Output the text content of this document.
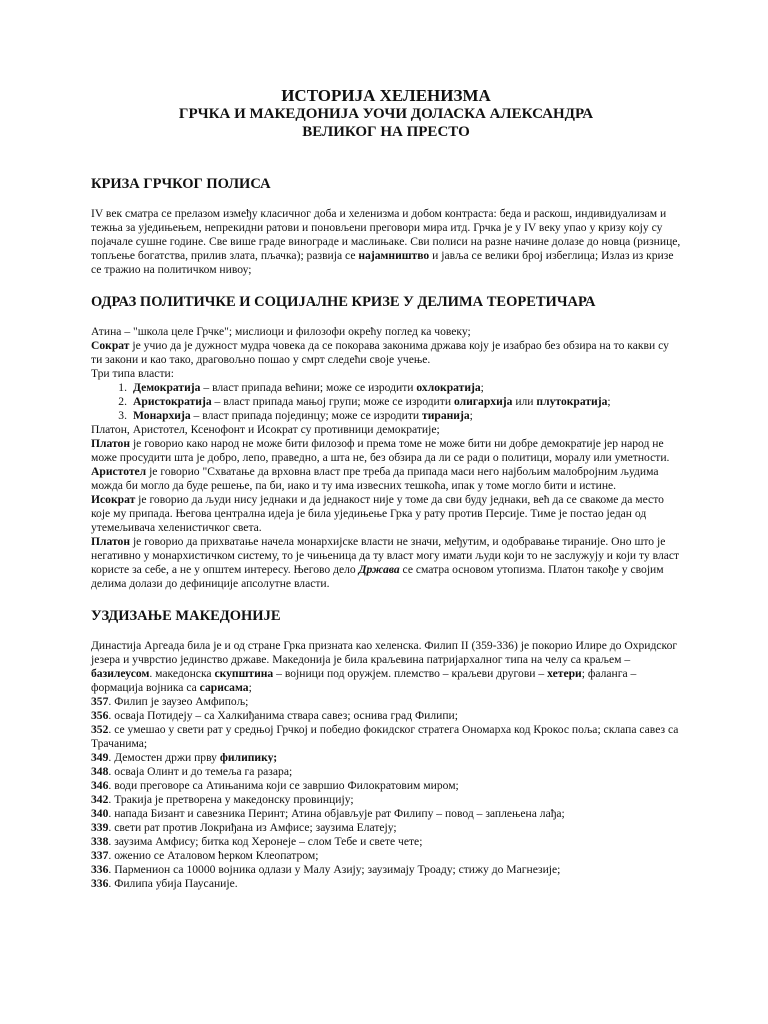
ИСТОРИЈА ХЕЛЕНИЗМА
ГРЧКА И МАКЕДОНИЈА УОЧИ ДОЛАСКА АЛЕКСАНДРА ВЕЛИКОГ НА ПРЕСТО
КРИЗА ГРЧКОГ ПОЛИСА

IV век сматра се прелазом између класичног доба и хеленизма и добом контраста: беда и раскош, индивидуализам и тежња за уједињењем, непрекидни ратови и поновљени преговори мира итд. Грчка је у IV веку упао у кризу коју су појачале сушне године. Све више граде винограде и маслињаке. Сви полиси на разне начине долазе до новца (ризнице, топљење богатства, прилив злата, пљачка); развија се најамништво и јавља се велики број избеглица; Излаз из кризе се тражио на политичком нивоу;

ОДРАЗ ПОЛИТИЧКЕ И СОЦИЈАЛНЕ КРИЗЕ У ДЕЛИМА ТЕОРЕТИЧАРА

Атина – "школа целе Грчке"; мислиоци и филозофи окрећу поглед ка човеку;

Сократ је учио да је дужност мудра човека да се покорава законима држава коју је изабрао без обзира на то какви су ти закони и као тако, драговољно пошао у смрт следећи своје учење.

Три типа власти:

1. Демократија – власт припада већини; може се изродити охлократија;
2. Аристократија – власт припада мањој групи; може се изродити олигархија или плутократија;
3. Монархија – власт припада појединцу; може се изродити тиранија;

Платон, Аристотел, Ксенофонт и Исократ су противници демократије;

Платон је говорио како народ не може бити филозоф и према томе не може бити ни добре демократије јер народ не може просудити шта је добро, лепо, праведно, а шта не, без обзира да ли се ради о политици, моралу или уметности.

Аристотел је говорио "Схватање да врховна власт пре треба да припада маси него најбољим малобројним људима можда би могло да буде решење, па би, иако и ту има извесних тешкоћа, ипак у томе могло бити и истине.

Исократ је говорио да људи нису једнаки и да једнакост није у томе да сви буду једнаки, већ да се свакоме да место које му припада. Његова централна идеја је била уједињење Грка у рату против Персије. Тиме је постао један од утемељивача хеленистичког света.

Платон је говорио да прихватање начела монархијске власти не значи, међутим, и одобравање тираније. Оно што је негативно у монархистичком систему, то је чињеница да ту власт могу имати људи који то не заслужују и који ту власт користе за себе, а не у општем интересу. Његово дело Држава се сматра основом утопизма. Платон такође у својим делима долази до дефиниције апсолутне власти.

УЗДИЗАЊЕ МАКЕДОНИЈЕ

Династија Аргеада била је и од стране Грка призната као хеленска. Филип II (359-336) је покорио Илире до Охридског језера и учврстио јединство државе. Македонија је била краљевина патријархалног типа на челу са краљем – базилеусом. македонска скупштина – војници под оружјем. племство – краљеви другови – хетери; фаланга – формација војника са сарисама;

357. Филип је заузео Амфипољ;

356. осваја Потидеју – са Халкиђанима ствара савез; оснива град Филипи;

352. се умешао у свети рат у средњој Грчкој и победио фокидског стратега Ономарха код Крокос поља; склапа савез са Трачанима;

349. Демостен држи прву филипику;

348. осваја Олинт и до темеља га разара;

346. води преговоре са Атињанима који се завршио Филократовим миром;

342. Тракија је претворена у македонску провинцију;

340. напада Бизант и савезника Перинт; Атина објављује рат Филипу – повод – заплењена лађа;

339. свети рат против Локриђана из Амфисе; заузима Елатеју;

338. заузима Амфису; битка код Херонеје – слом Тебе и свете чете;

337. оженио се Аталовом ћерком Клеопатром;

336. Парменион са 10000 војника одлази у Малу Азију; заузимају Троаду; стижу до Магнезије;

336. Филипа убија Паусаније.
